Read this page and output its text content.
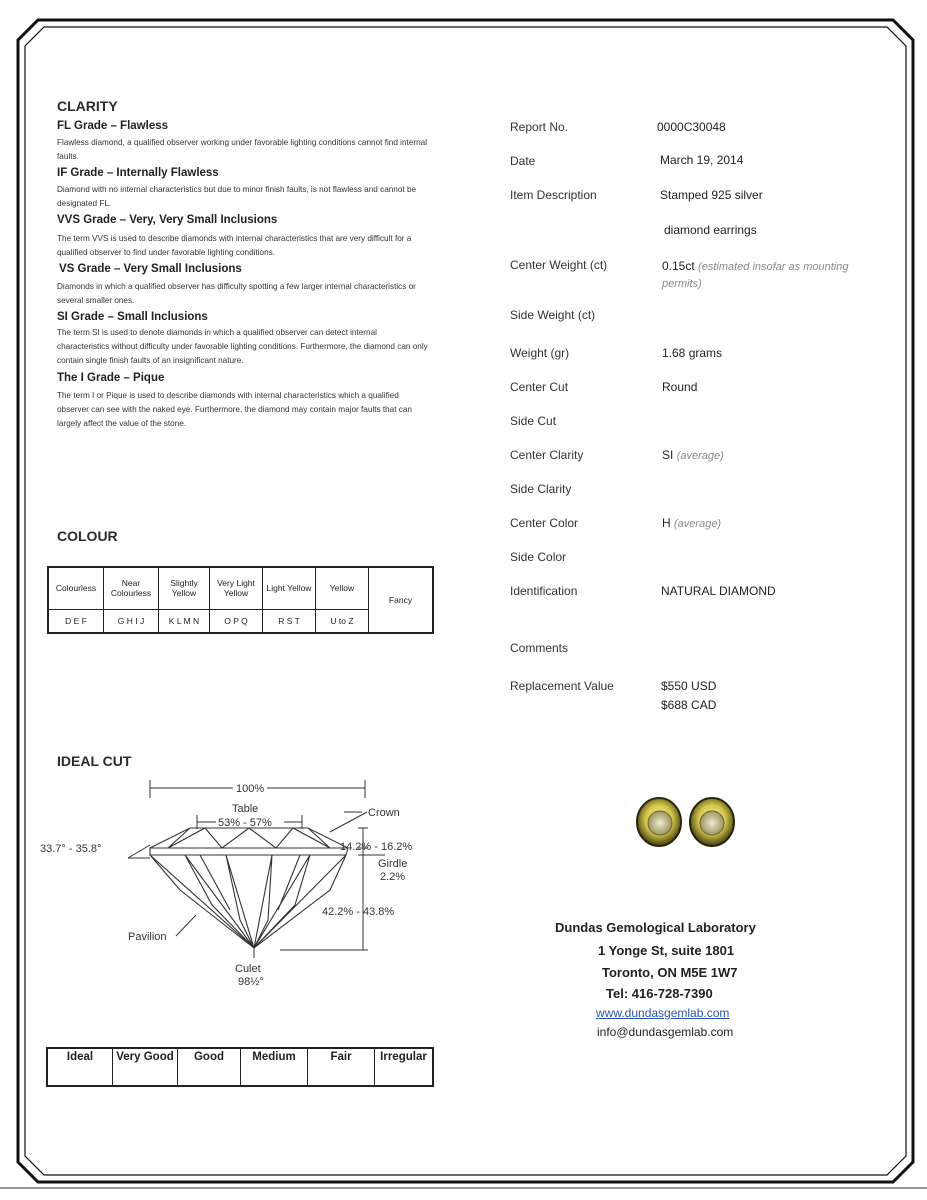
CLARITY
FL Grade – Flawless
Flawless diamond, a qualified observer working under favorable lighting conditions cannot find internal faults.
IF Grade – Internally Flawless
Diamond with no internal characteristics but due to minor finish faults, is not flawless and cannot be designated FL.
VVS Grade – Very, Very Small Inclusions
The term VVS is used to describe diamonds with internal characteristics that are very difficult for a qualified observer to find under favorable lighting conditions.
VS Grade – Very Small Inclusions
Diamonds in which a qualified observer has difficulty spotting a few larger internal characteristics or several smaller ones.
SI Grade – Small Inclusions
The term SI is used to denote diamonds in which a qualified observer can detect internal characteristics without difficulty under favorable lighting conditions. Furthermore, the diamond can only contain single finish faults of an insignificant nature.
The I Grade – Pique
The term I or Pique is used to describe diamonds with internal characteristics which a qualified observer can see with the naked eye. Furthermore, the diamond may contain major faults that can largely affect the value of the stone.
COLOUR
Colourless	Near Colourless	Slightly Yellow	Very Light Yellow	Light Yellow	Yellow	Fancy
D E F	G H I J	K L M N	O P Q	R S T	U to Z	
IDEAL CUT
100%
Table
53% - 57%
Crown
33.7° - 35.8°	14.2% - 16.2%
Girdle
2.2%
42.2% - 43.8%
Pavilion
Culet
98½°
Ideal	Very Good	Good	Medium	Fair	Irregular
Report No.	0000C30048
Date	March 19, 2014
Item Description	Stamped 925 silver
diamond earrings
Center Weight (ct)	0.15ct (estimated insofar as mounting permits)
Side Weight (ct)
Weight (gr)	1.68 grams
Center Cut	Round
Side Cut
Center Clarity	SI (average)
Side Clarity
Center Color	H (average)
Side Color
Identification	NATURAL DIAMOND
Comments
Replacement Value	$550 USD
$688 CAD
Dundas Gemological Laboratory
1 Yonge St, suite 1801
Toronto, ON M5E 1W7
Tel: 416-728-7390
www.dundasgemlab.com
info@dundasgemlab.com
